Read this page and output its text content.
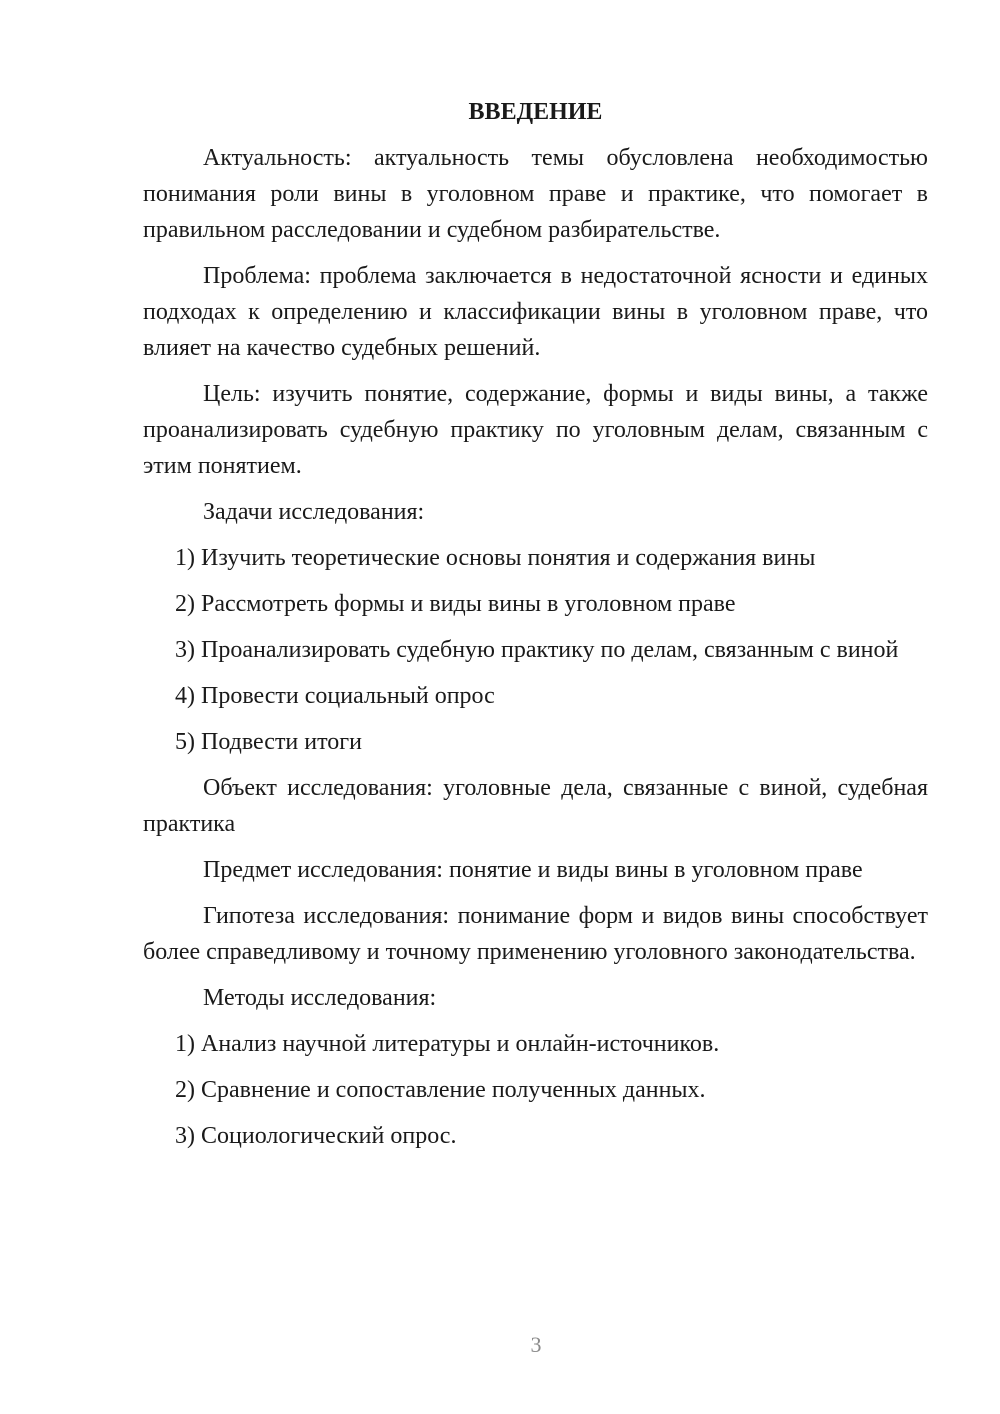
ВВЕДЕНИЕ

Актуальность: актуальность темы обусловлена необходимостью понимания роли вины в уголовном праве и практике, что помогает в правильном расследовании и судебном разбирательстве.

Проблема: проблема заключается в недостаточной ясности и единых подходах к определению и классификации вины в уголовном праве, что влияет на качество судебных решений.

Цель: изучить понятие, содержание, формы и виды вины, а также проанализировать судебную практику по уголовным делам, связанным с этим понятием.

Задачи исследования:

1) Изучить теоретические основы понятия и содержания вины
2) Рассмотреть формы и виды вины в уголовном праве
3) Проанализировать судебную практику по делам, связанным с виной
4) Провести социальный опрос
5) Подвести итоги

Объект исследования: уголовные дела, связанные с виной, судебная практика

Предмет исследования: понятие и виды вины в уголовном праве

Гипотеза исследования: понимание форм и видов вины способствует более справедливому и точному применению уголовного законодательства.

Методы исследования:

1) Анализ научной литературы и онлайн-источников.
2) Сравнение и сопоставление полученных данных.
3) Социологический опрос.
3
